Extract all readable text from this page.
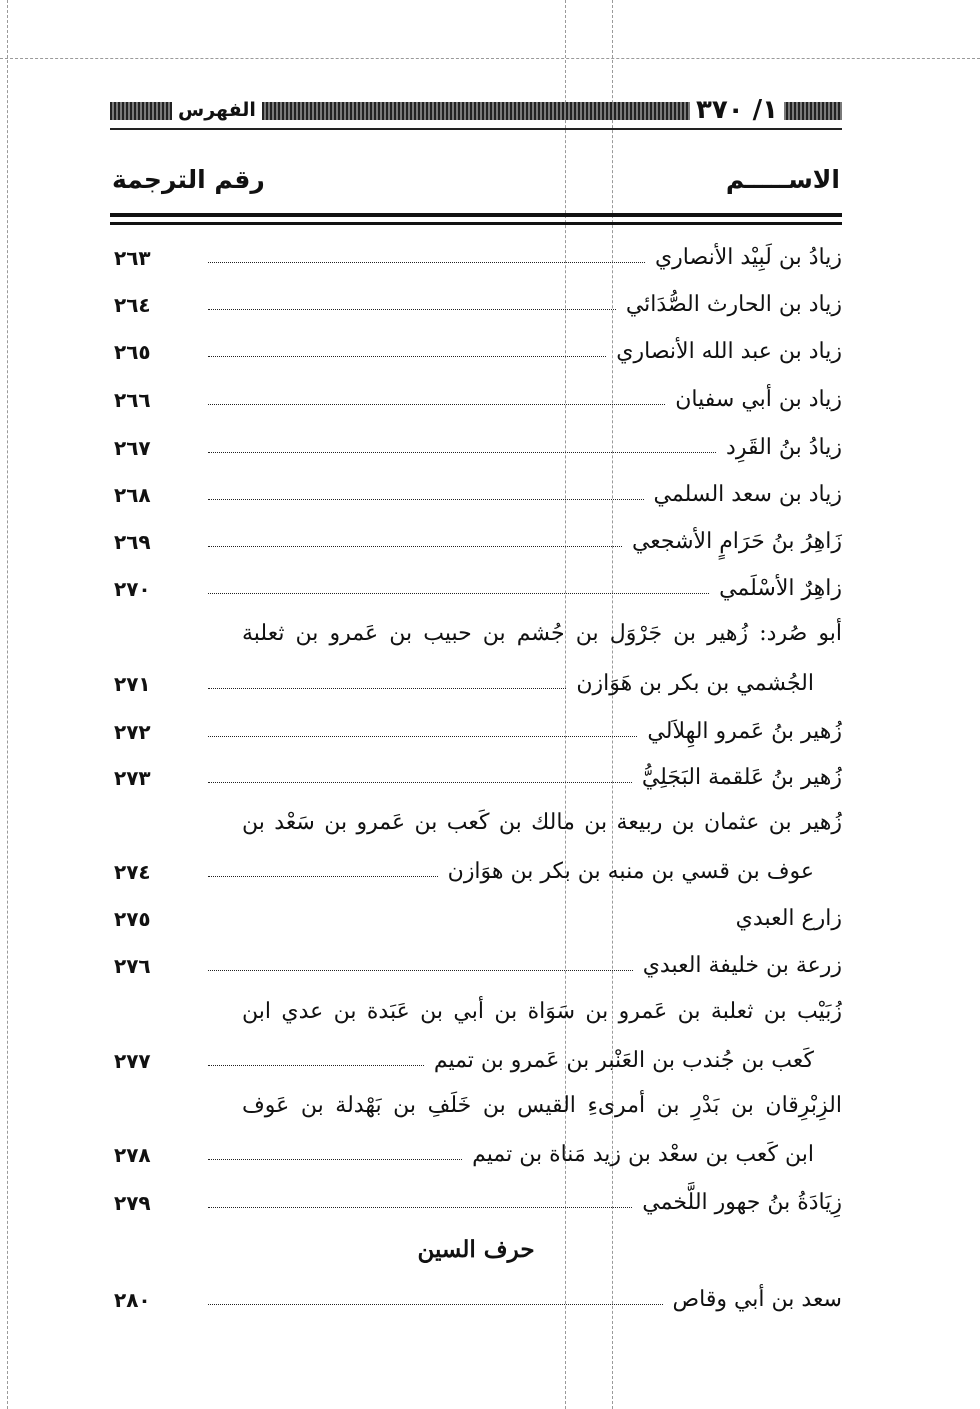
الفهرس	١/ ٣٧٠
الاســـــم
رقم الترجمة
زيادُ بن لَبِيْد الأنصاري
٢٦٣
زياد بن الحارث الصُّدَائي
٢٦٤
زياد بن عبد الله الأنصاري
٢٦٥
زياد بن أبي سفيان
٢٦٦
زيادُ بنُ القَرِد
٢٦٧
زياد بن سعد السلمي
٢٦٨
زَاهِرُ بنُ حَرَامٍ الأشجعي
٢٦٩
زاهِرٌ الأسْلَمي
٢٧٠
أبو صُرد: زُهير بن جَرْوَل بن جُشم بن حبيب بن عَمرو بن ثعلبة
الجُشمي بن بكر بن هَوَازن
٢٧١
زُهير بنُ عَمرو الهِلاَلي
٢٧٢
زُهير بنُ عَلقمة البَجَلِيُّ
٢٧٣
زُهير بن عثمان بن ربيعة بن مالك بن كَعب بن عَمرو بن سَعْد بن
عوف بن قسي بن منبه بن بكر بن هوَازن
٢٧٤
زارع العبدي
٢٧٥
زرعة بن خليفة العبدي
٢٧٦
زُبَيْب بن ثعلبة بن عَمرو بن سَوَاة بن أبي بن عَبَدة بن عدي ابن
كَعب بن جُندب بن العَنْبر بن عَمرو بن تميم
٢٧٧
الزِبْرِقان بن بَدْرِ بن أمرىءِ القيس بن خَلَفِ بن بَهْدلة بن عَوف
ابن كَعب بن سعْد بن زيد مَناة بن تميم
٢٧٨
زِيَادَةُ بنُ جهور اللَّخمي
٢٧٩
حرف السين
سعد بن أبي وقاص
٢٨٠
